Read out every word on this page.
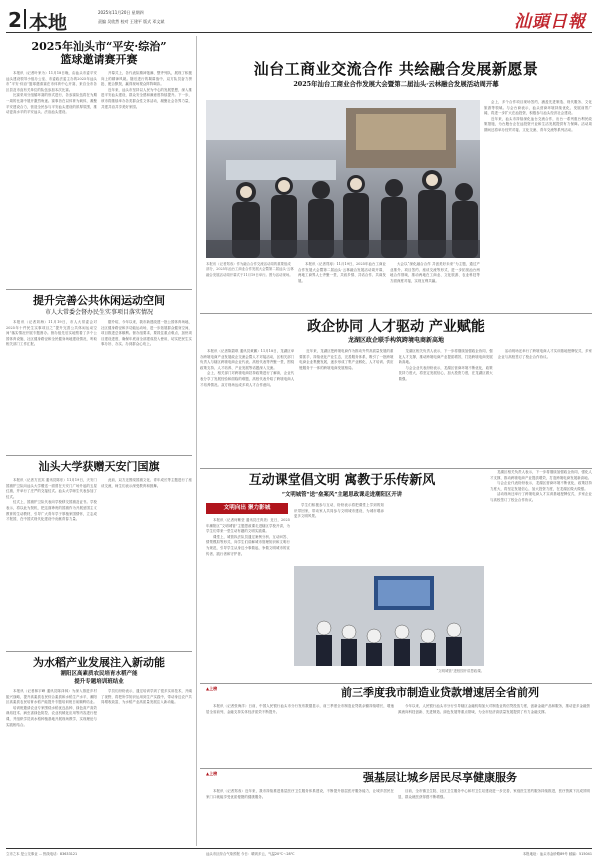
2 本地	2025年11月20日 星期四
责编 吴欣然 校对 王建平 版式 邓文斌	汕頭日報
2025年汕头市“平安·综治”
篮球邀请赛开赛

本报讯（记者叶家为）11月18日晚，由汕头市委平安汕头建设领导小组办公室、市委政法委主办的2025年汕头市“平安·综治”篮球邀请赛在市体育中心开赛，来自全市各区县及市直有关单位的队伍参加本次比赛。

比赛采用分组循环赛的形式进行，各参赛队伍将在为期一周的比赛中展开激烈角逐。赛事旨在以体育为载体，凝聚平安建设合力，营造全民参与平安汕头建设的浓厚氛围，推动更高水平的平安汕头、法治汕头建设。

开幕式上，各代表队精神饱满、整齐列队，展现了积极向上的精神风貌。随后进行的揭幕战中，双方队员奋力拼抢、配合默契，赢得现场观众阵阵喝彩。

近年来，汕头市坚持以人民为中心的发展思想，深入推进平安汕头建设，群众安全感和满意度持续提升。下一步，该市将继续举办各类群众性文体活动，凝聚社会各界力量，共建共治共享美好家园。

提升完善公共休闲运动空间
市人大常委会督办民生实事项目落实情况

本报讯（记者刘海）11月19日，市人大常委会对2025年十件民生实事项目之“提升完善公共休闲运动空间”落实情况开展专题督办。督办组先后实地察看了多个公园体育设施、社区健身路径和全民健身场地建设情况，听取相关部门工作汇报。

据介绍，今年以来，我市新建改建一批公园体育场地、社区健身路径和多功能运动场，进一步拓展群众健身空间，项目推进总体顺利。督办组要求，要抓住重点难点，加快项目建设进度，确保年底前全部建成投入使用，切实把民生实事办好、办实、办到群众心坎上。

汕头大学获赠天安门国旗

本报讯（记者方宜宾 通讯员陈东）11月19日，天安门国旗护卫队向汕头大学赠送一面曾在天安门广场升起的五星红旗，并举行了庄严的交接仪式。汕头大学师生代表参加了仪式。

仪式上，国旗护卫队代表向学校移交国旗及证书。学校表示，将以此为契机，把这面珍贵的国旗作为开展爱国主义教育的生动教材，引导广大青年学子厚植家国情怀，立志成才报国，在中国式现代化建设中贡献青春力量。

此前，双方还围绕国旗文化、青年成长等主题进行了座谈交流，师生们表示深受教育和鼓舞。

为水稻产业发展注入新动能
潮阳区高素质农民培育水稻产能
提升专题培训班结业

本报讯（记者林宇峰 通讯员陈泽林）为深入推进乡村振兴战略，提升高素质农民综合素质和水稻生产水平，潮阳区高素质农民培育水稻产能提升专题培训班日前顺利结业。

培训班邀请农业专家围绕水稻优良品种、绿色高产高效栽培技术、病虫害绿色防控、农业机械化应用等内容进行授课，并组织学员到水稻种植基地开展现场教学，实现理论与实践相结合。

学员们纷纷表示，通过培训学到了很多实用技术，开阔了视野，将把所学知识运用到生产实践中，带动身边农户共同增收致富，为水稻产业高质量发展注入新动能。

汕台工商业交流合作 共绘融合发展新愿景
2025年汕台工商业合作发展大会暨第二届汕头·云林融合发展活动周开幕

会上，多个合作项目现场签约，涵盖先进制造、现代服务、文化旅游等领域。与会台商表示，汕头营商环境持续优化、发展前景广阔，将进一步扩大在汕投资，积极参与汕头经济社会建设。

近年来，汕头市持续深化汕台交流合作，出台一系列惠台利民政策措施，为台胞台企在汕投资兴业和生活发展提供有力保障。活动周期间还将举办经贸对接、文化交流、青年交流等系列活动。

本报讯（记者郑寿）作为融合合作交流活动周的重要组成部分，2025年汕台工商业合作发展大会暨第二届汕头·云林融合发展活动周开幕式于11月19日举行。图为活动现场。

本报讯（记者郑寿）11月19日，2025年汕台工商业合作发展大会暨第二届汕头·云林融合发展活动周开幕，两地工商界人士齐聚一堂，共叙乡情、共话合作、共谋发展。

大会以“深化融合合作 共创美好未来”为主题，通过产业推介、项目签约、座谈交流等形式，进一步拓宽汕台两地合作领域，推动两地在工商业、文化旅游、农业科技等方面深度对接，实现互利共赢。

政企协同 人才驱动 产业赋能
龙湖区政企联手构筑跨境电商新高地

本报讯（记者陈碧琪 通讯员黄鹏）11月18日，龙湖区举办跨境电商产业发展政企交流会暨人才对接活动，区相关部门负责人与辖区跨境电商企业代表、高校代表等齐聚一堂，围绕政策支持、人才培养、产业发展等话题深入交流。

会上，相关部门对跨境电商扶持政策进行了解读，企业代表分享了发展经验和面临的难题，高校代表介绍了跨境电商人才培养情况。双方现场达成多项人才合作意向。

近年来，龙湖区把跨境电商作为推动外贸高质量发展的重要抓手，持续优化产业生态，完善服务体系，吸引了一批跨境电商企业集聚发展，逐步形成了集产业孵化、人才培训、供应链服务于一体的跨境电商发展格局。

龙湖区相关负责人表示，下一步将继续加强政企协同，强化人才支撑，推动跨境电商产业提质增效，打造跨境电商发展新高地。

与会企业代表纷纷表示，龙湖区营商环境不断优化，政策扶持力度大，将坚定发展信心，加大投资力度，在龙湖区做大做强。

活动现场还举行了跨境电商人才实训基地授牌仪式，多家企业与高校签订了校企合作协议。

互动课堂倡文明 寓教于乐传新风
“文明城管”送“垒案风”主题思政课走进潮阳区开讲
文明向出 聚力影城

本报讯（记者何紫莹 通讯员庄育美）近日，2025年潮阳区“文明城管”主题思政课走进辖区学校开讲，为学生们带来一堂生动有趣的文明实践课。

课堂上，城管执法队员通过案例分析、互动问答、情景模拟等形式，向学生们讲解城市管理知识和文明行为规范，引导学生从身边小事做起，争做文明城市的宣传者、践行者和守护者。

学生们积极参与互动，纷纷表示将把课堂上学到的知识带回家，带动家人共同参与文明城市建设，为城市增添更多文明风景。

龙湖区相关负责人表示，下一步将继续加强政企协同，强化人才支撑，推动跨境电商产业提质增效，打造跨境电商发展新高地。

与会企业代表纷纷表示，龙湖区营商环境不断优化，政策扶持力度大，将坚定发展信心，加大投资力度，在龙湖区做大做强。

活动现场还举行了跨境电商人才实训基地授牌仪式，多家企业与高校签订了校企合作协议。

“文明城管”进校园开讲思政课。
▲上榜	前三季度我市制造业贷款增速居全省前列

本报讯（记者张海洋）日前，中国人民银行汕头市分行发布数据显示，前三季度全市制造业贷款余额持续增长，增速居全省前列，金融支持实体经济质效不断提升。

今年以来，人民银行汕头市分行引导辖区金融机构加大对制造业的信贷投放力度，创新金融产品和服务，推动更多金融资源流向科技创新、先进制造、绿色发展等重点领域，为全市经济高质量发展提供了有力金融支撑。

▲上榜	强基层让城乡居民尽享健康服务

本报讯（记者郑寿）近年来，我市持续推进基层医疗卫生服务体系建设，不断提升基层医疗服务能力，让城乡居民在家门口就能享受优质便捷的健康服务。

目前，全市镇卫生院、社区卫生服务中心和村卫生站建设进一步完善，家庭医生签约服务持续推进，医疗资源下沉成效明显，群众就医获得感不断增强。

立市之本 是公交事业 ... 热线电话：83633121	汕头市区综合气象预报 今日：晴到多云，气温20℃～28℃	本报地址：汕头市金砂路89号 邮编：515041
